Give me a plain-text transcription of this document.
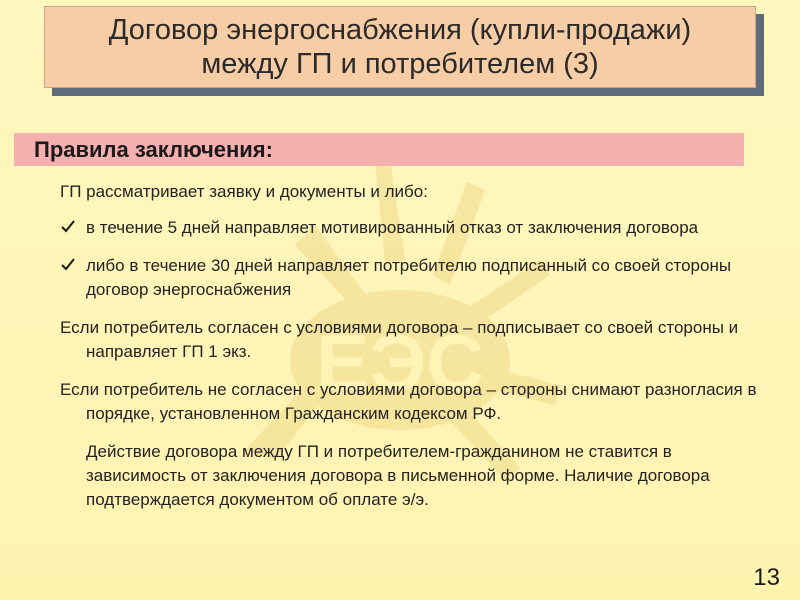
ЕЭС
Договор энергоснабжения (купли-продажи)
между ГП и потребителем (3)
Правила заключения:
ГП рассматривает заявку и документы и либо:
в течение 5 дней направляет мотивированный отказ от заключения договора
либо в течение 30 дней направляет потребителю подписанный со своей стороны договор энергоснабжения
Если потребитель согласен с условиями договора – подписывает со своей стороны и направляет ГП 1 экз.
Если потребитель не согласен с условиями договора – стороны снимают разногласия в порядке, установленном Гражданским кодексом РФ.
Действие договора между ГП и потребителем-гражданином не ставится в зависимость от заключения договора в письменной форме. Наличие договора подтверждается документом об оплате э/э.
13
